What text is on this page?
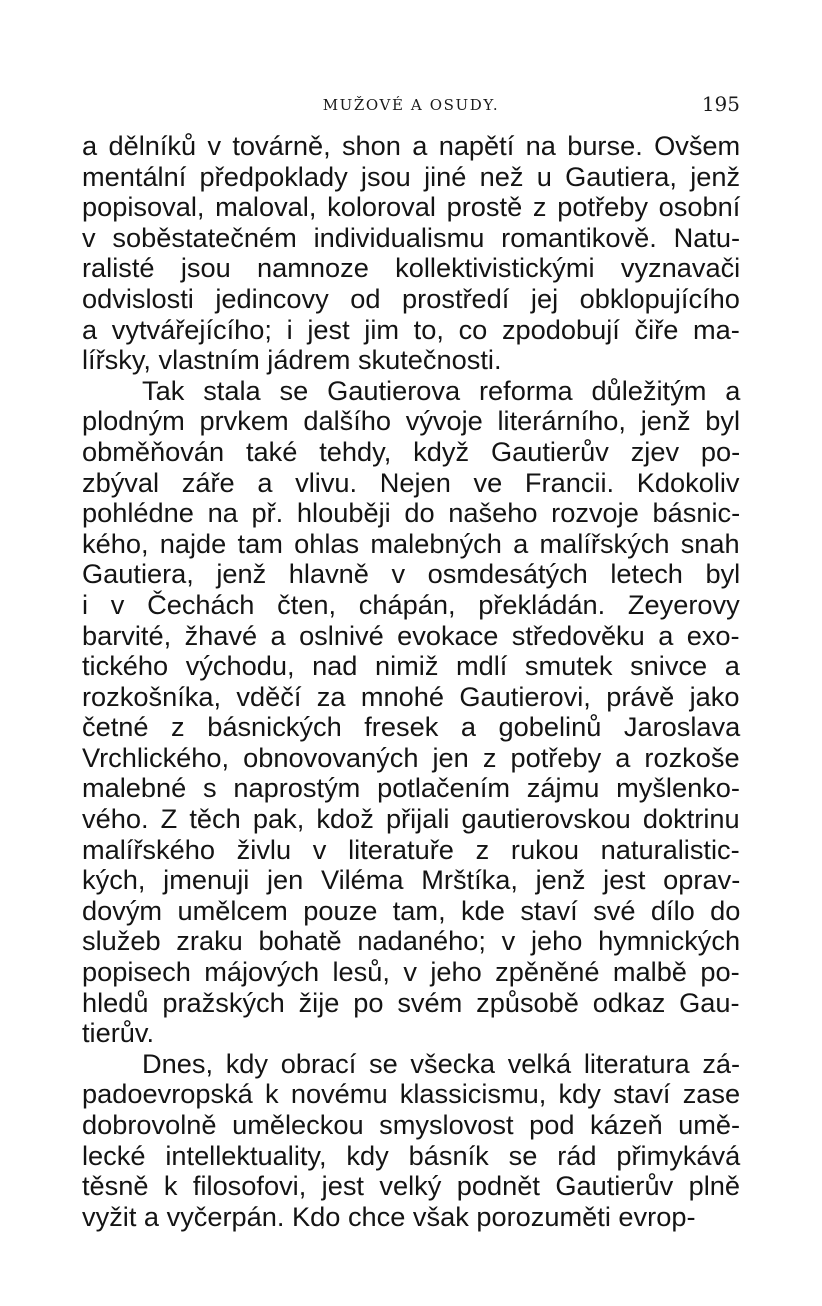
MUŽOVÉ A OSUDY.	195
a dělníků v továrně, shon a napětí na burse. Ovšem
mentální předpoklady jsou jiné než u Gautiera, jenž
popisoval, maloval, koloroval prostě z potřeby osobní
v soběstatečném individualismu romantikově. Natu-
ralisté jsou namnoze kollektivistickými vyznavači
odvislosti jedincovy od prostředí jej obklopujícího
a vytvářejícího; i jest jim to, co zpodobují čiře ma-
lířsky, vlastním jádrem skutečnosti.
Tak stala se Gautierova reforma důležitým a
plodným prvkem dalšího vývoje literárního, jenž byl
obměňován také tehdy, když Gautierův zjev po-
zbýval záře a vlivu. Nejen ve Francii. Kdokoliv
pohlédne na př. hlouběji do našeho rozvoje básnic-
kého, najde tam ohlas malebných a malířských snah
Gautiera, jenž hlavně v osmdesátých letech byl
i v Čechách čten, chápán, překládán. Zeyerovy
barvité, žhavé a oslnivé evokace středověku a exo-
tického východu, nad nimiž mdlí smutek snivce a
rozkošníka, vděčí za mnohé Gautierovi, právě jako
četné z básnických fresek a gobelinů Jaroslava
Vrchlického, obnovovaných jen z potřeby a rozkoše
malebné s naprostým potlačením zájmu myšlenko-
vého. Z těch pak, kdož přijali gautierovskou doktrinu
malířského živlu v literatuře z rukou naturalistic-
kých, jmenuji jen Viléma Mrštíka, jenž jest oprav-
dovým umělcem pouze tam, kde staví své dílo do
služeb zraku bohatě nadaného; v jeho hymnických
popisech májových lesů, v jeho zpěněné malbě po-
hledů pražských žije po svém způsobě odkaz Gau-
tierův.
Dnes, kdy obrací se všecka velká literatura zá-
padoevropská k novému klassicismu, kdy staví zase
dobrovolně uměleckou smyslovost pod kázeň umě-
lecké intellektuality, kdy básník se rád přimykává
těsně k filosofovi, jest velký podnět Gautierův plně
vyžit a vyčerpán. Kdo chce však porozuměti evrop-
